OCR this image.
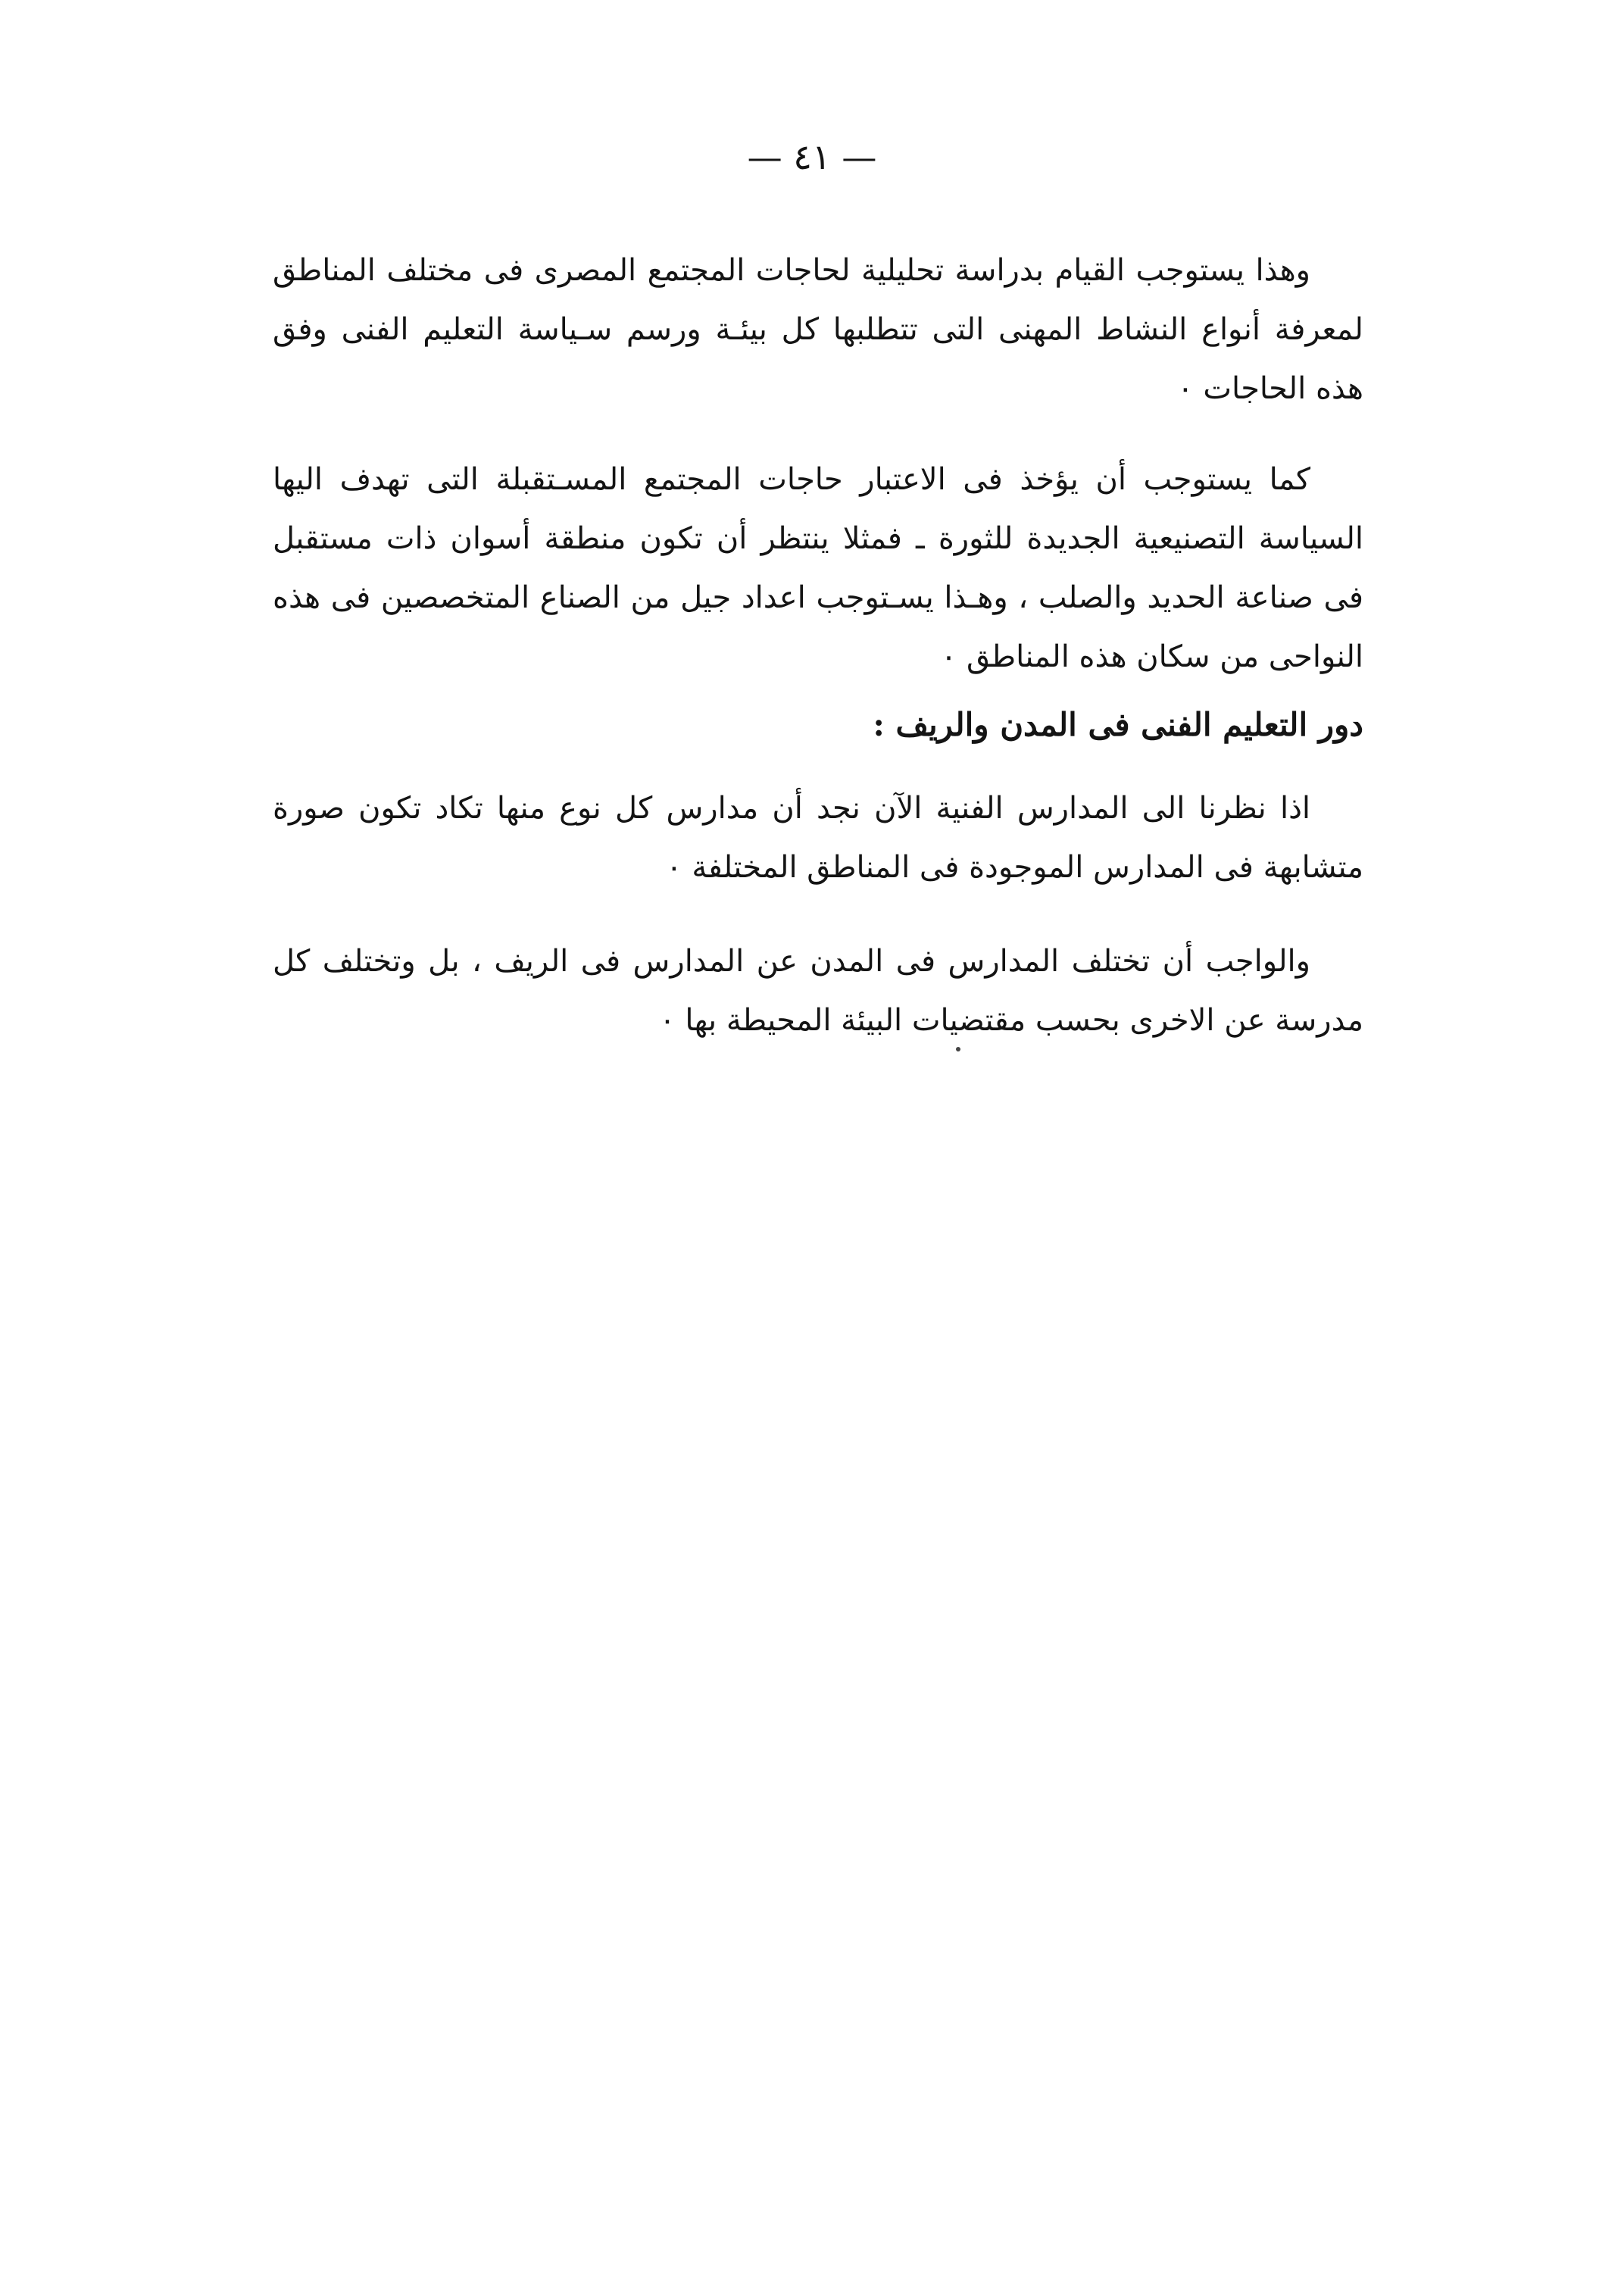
— ٤١ —

وهذا يستوجب القيام بدراسة تحليلية لحاجات المجتمع المصرى فى مختلف المناطق لمعرفة أنواع النشاط المهنى التى تتطلبها كل بيئـة ورسم سـياسة التعليم الفنى وفق هذه الحاجات ٠

كما يستوجب أن يؤخذ فى الاعتبار حاجات المجتمع المسـتقبلة التى تهدف اليها السياسة التصنيعية الجديدة للثورة ـ فمثلا ينتظر أن تكون منطقة أسوان ذات مستقبل فى صناعة الحديد والصلب ، وهـذا يسـتوجب اعداد جيل من الصناع المتخصصين فى هذه النواحى من سكان هذه المناطق ٠

دور التعليم الفنى فى المدن والريف :

اذا نظرنا الى المدارس الفنية الآن نجد أن مدارس كل نوع منها تكاد تكون صورة متشابهة فى المدارس الموجودة فى المناطق المختلفة ٠

والواجب أن تختلف المدارس فى المدن عن المدارس فى الريف ، بل وتختلف كل مدرسة عن الاخرى بحسب مقتضيات البيئة المحيطة بها ٠
